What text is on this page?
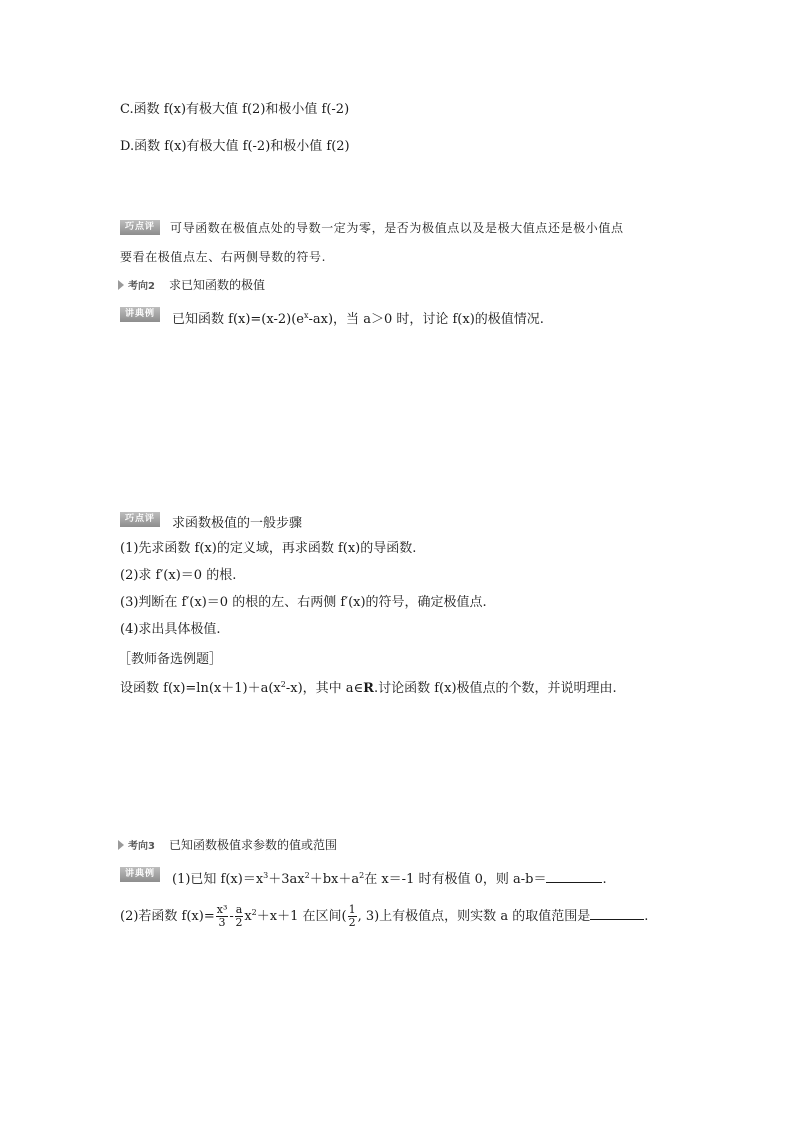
C.函数 f(x)有极大值 f(2)和极小值 f(-2)
D.函数 f(x)有极大值 f(-2)和极小值 f(2)
巧点评	可导函数在极值点处的导数一定为零，是否为极值点以及是极大值点还是极小值点
要看在极值点左、右两侧导数的符号.
考向2 求已知函数的极值
讲典例	已知函数 $f(x)=(x-2)(e^x-ax)$，当 a＞0 时，讨论 f(x)的极值情况.
巧点评	求函数极值的一般步骤
(1)先求函数 f(x)的定义域，再求函数 f(x)的导函数.
(2)求 f′(x)＝0 的根.
(3)判断在 f′(x)＝0 的根的左、右两侧 f′(x)的符号，确定极值点.
(4)求出具体极值.
［教师备选例题］
设函数 $f(x)=\ln(x+1)+a(x^2-x)$，其中 a∈R.讨论函数 f(x)极值点的个数，并说明理由.
考向3 已知函数极值求参数的值或范围
讲典例	(1)已知 $f(x)=x^3+3ax^2+bx+a^2$在 x＝-1 时有极值 0，则 a-b＝	.
(2)若函数 $f(x)= \frac{\text{x³}}{3} - \frac{a}{2} x^2+x+1$ 在区间( $\frac{1}{2}$ , 3)上有极值点，则实数 a 的取值范围是	.
